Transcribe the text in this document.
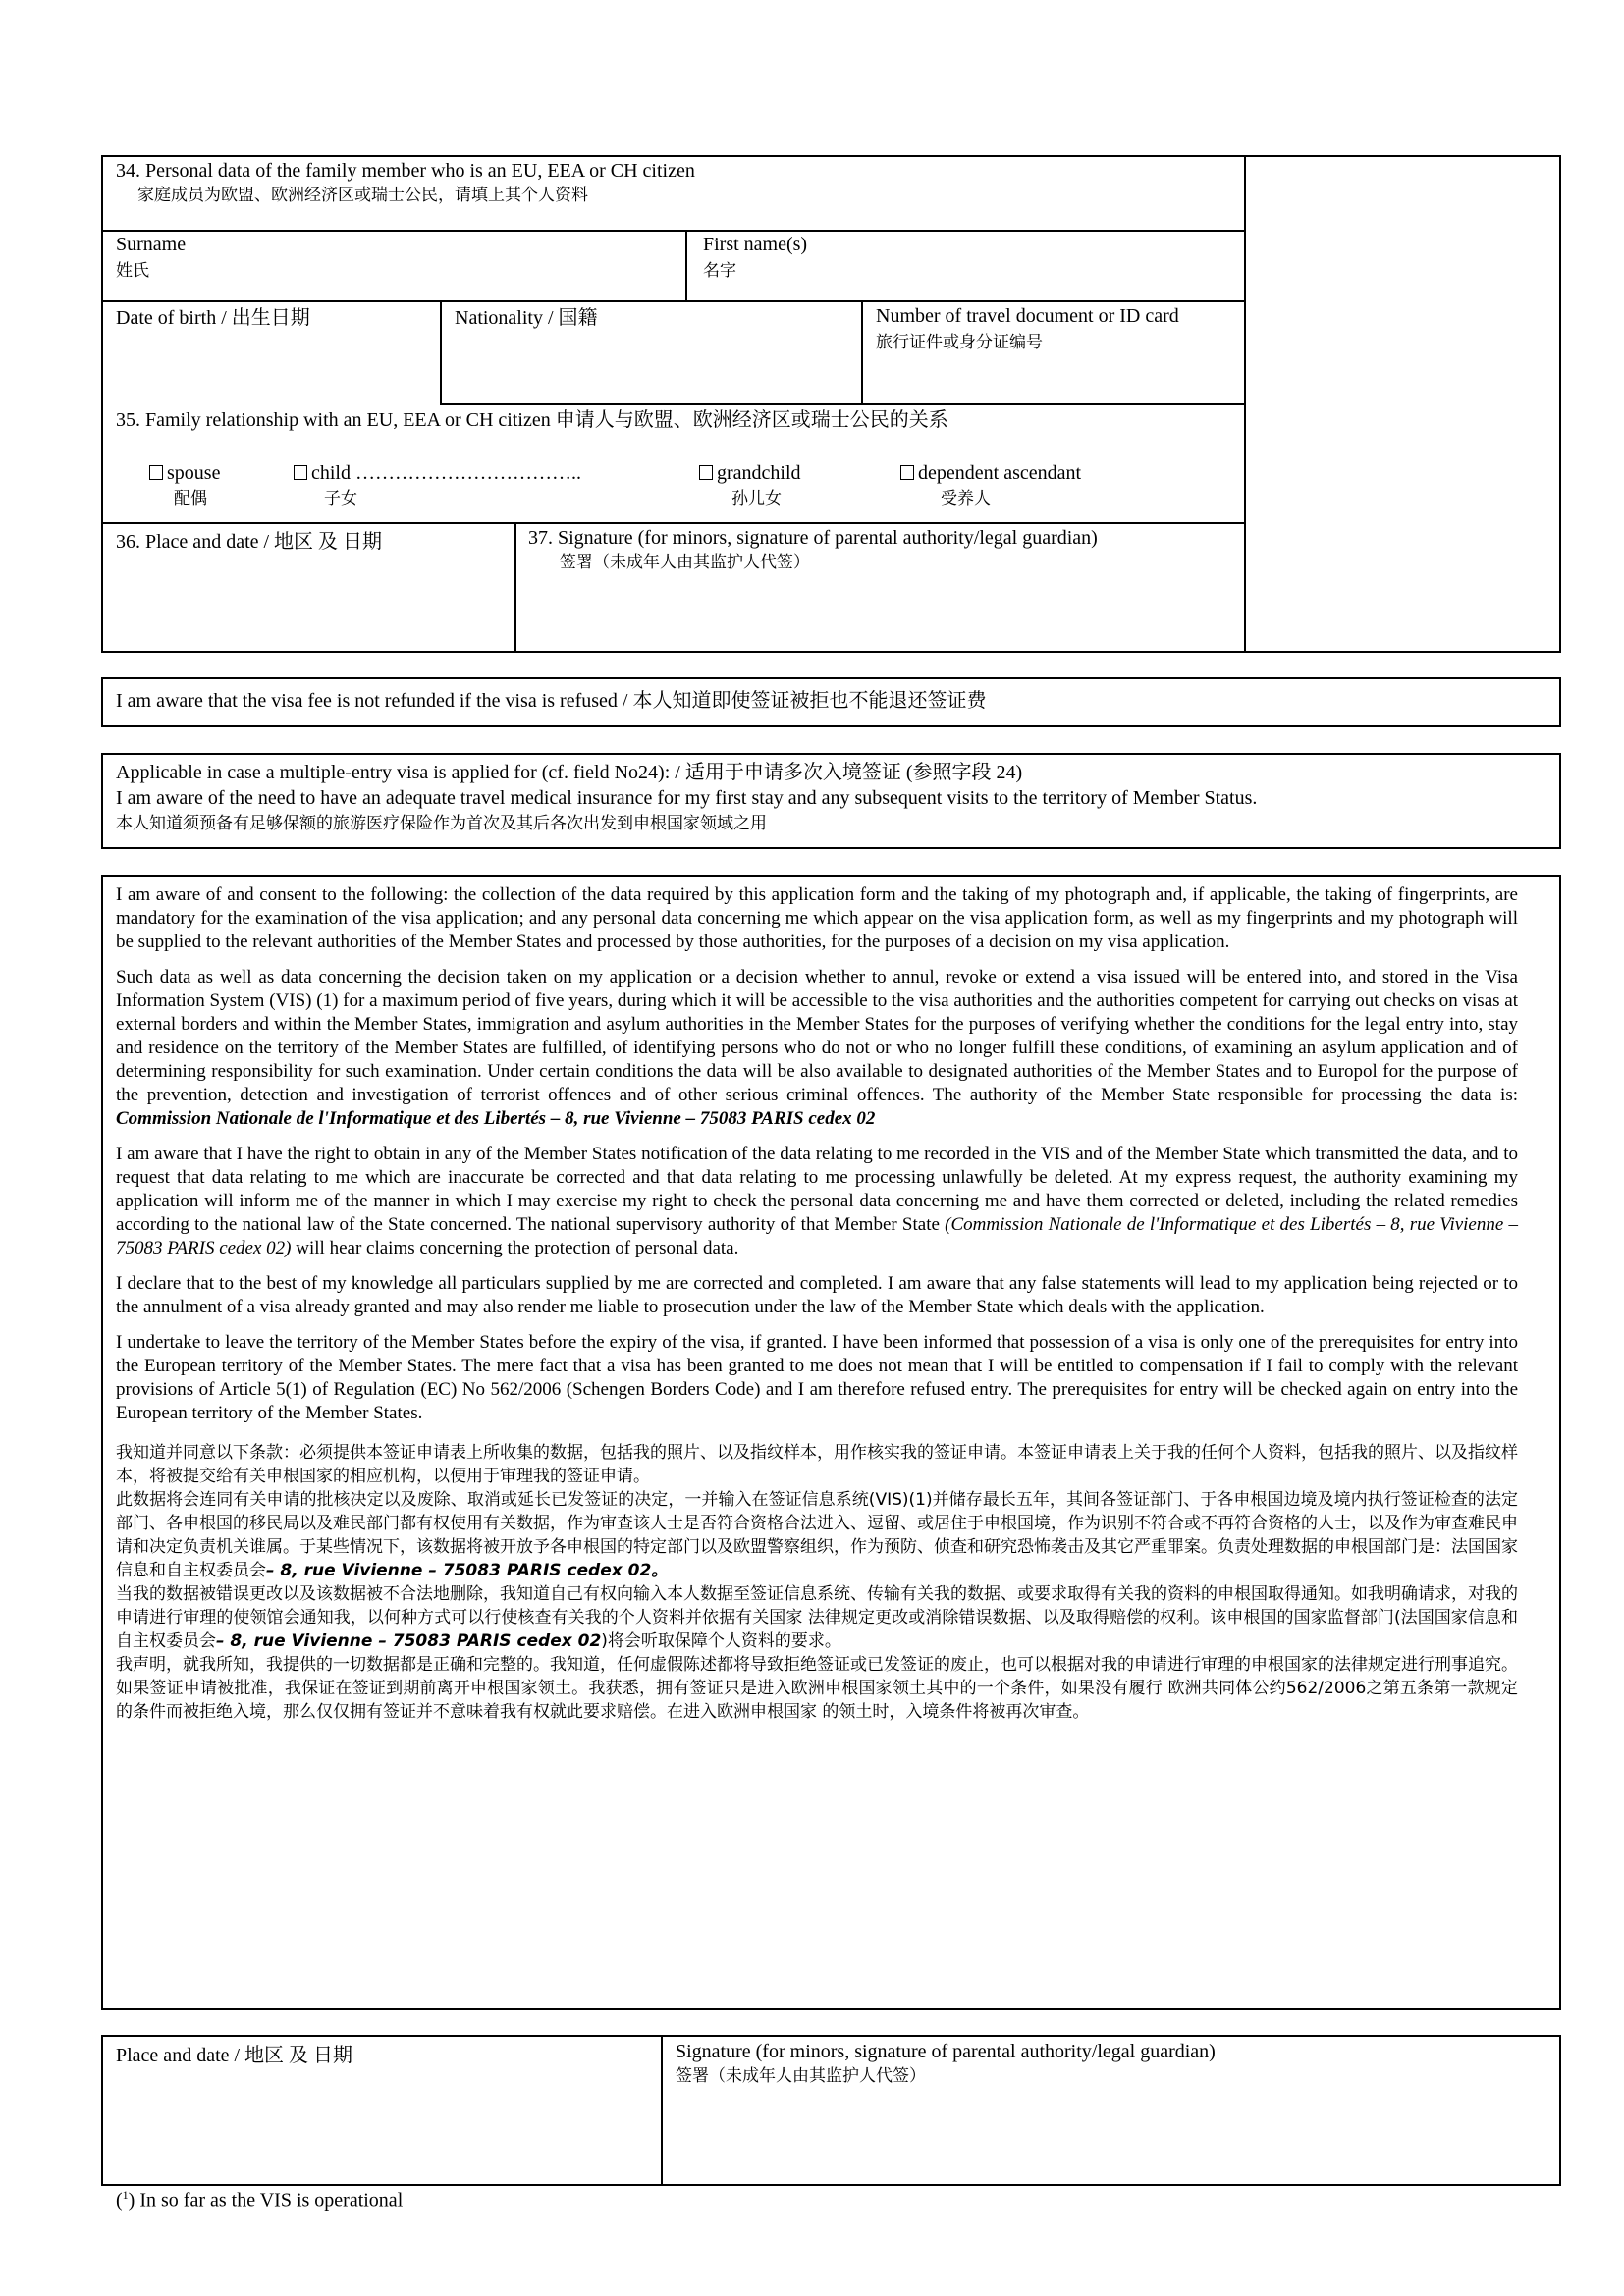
34. Personal data of the family member who is an EU, EEA or CH citizen
家庭成员为欧盟、欧洲经济区或瑞士公民，请填上其个人资料
Surname
姓氏
First name(s)
名字
Date of birth / 出生日期	Nationality / 国籍	Number of travel document or ID card
旅行证件或身分证编号
35. Family relationship with an EU, EEA or CH citizen 申请人与欧盟、欧洲经济区或瑞士公民的关系
spouse
配偶
child ……………………………..
子女
grandchild
孙儿女
dependent ascendant
受养人
36. Place and date / 地区 及 日期	37. Signature (for minors, signature of parental authority/legal guardian)
签署（未成年人由其监护人代签）
I am aware that the visa fee is not refunded if the visa is refused / 本人知道即使签证被拒也不能退还签证费
Applicable in case a multiple-entry visa is applied for (cf. field No24): / 适用于申请多次入境签证 (参照字段 24)
I am aware of the need to have an adequate travel medical insurance for my first stay and any subsequent visits to the territory of Member Status.
本人知道须预备有足够保额的旅游医疗保险作为首次及其后各次出发到申根国家领域之用

I am aware of and consent to the following: the collection of the data required by this application form and the taking of my photograph and, if applicable, the taking of fingerprints, are mandatory for the examination of the visa application; and any personal data concerning me which appear on the visa application form, as well as my fingerprints and my photograph will be supplied to the relevant authorities of the Member States and processed by those authorities, for the purposes of a decision on my visa application.

Such data as well as data concerning the decision taken on my application or a decision whether to annul, revoke or extend a visa issued will be entered into, and stored in the Visa Information System (VIS) (1) for a maximum period of five years, during which it will be accessible to the visa authorities and the authorities competent for carrying out checks on visas at external borders and within the Member States, immigration and asylum authorities in the Member States for the purposes of verifying whether the conditions for the legal entry into, stay and residence on the territory of the Member States are fulfilled, of identifying persons who do not or who no longer fulfill these conditions, of examining an asylum application and of determining responsibility for such examination. Under certain conditions the data will be also available to designated authorities of the Member States and to Europol for the purpose of the prevention, detection and investigation of terrorist offences and of other serious criminal offences. The authority of the Member State responsible for processing the data is: Commission Nationale de l'Informatique et des Libertés – 8, rue Vivienne – 75083 PARIS cedex 02

I am aware that I have the right to obtain in any of the Member States notification of the data relating to me recorded in the VIS and of the Member State which transmitted the data, and to request that data relating to me which are inaccurate be corrected and that data relating to me processing unlawfully be deleted. At my express request, the authority examining my application will inform me of the manner in which I may exercise my right to check the personal data concerning me and have them corrected or deleted, including the related remedies according to the national law of the State concerned. The national supervisory authority of that Member State (Commission Nationale de l'Informatique et des Libertés – 8, rue Vivienne – 75083 PARIS cedex 02) will hear claims concerning the protection of personal data.

I declare that to the best of my knowledge all particulars supplied by me are corrected and completed. I am aware that any false statements will lead to my application being rejected or to the annulment of a visa already granted and may also render me liable to prosecution under the law of the Member State which deals with the application.

I undertake to leave the territory of the Member States before the expiry of the visa, if granted. I have been informed that possession of a visa is only one of the prerequisites for entry into the European territory of the Member States. The mere fact that a visa has been granted to me does not mean that I will be entitled to compensation if I fail to comply with the relevant provisions of Article 5(1) of Regulation (EC) No 562/2006 (Schengen Borders Code) and I am therefore refused entry. The prerequisites for entry will be checked again on entry into the European territory of the Member States.

我知道并同意以下条款：必须提供本签证申请表上所收集的数据，包括我的照片、以及指纹样本，用作核实我的签证申请。本签证申请表上关于我的任何个人资料，包括我的照片、以及指纹样本，将被提交给有关申根国家的相应机构，以便用于审理我的签证申请。
此数据将会连同有关申请的批核决定以及废除、取消或延长已发签证的决定，一并输入在签证信息系统(VIS)(1)并储存最长五年，其间各签证部门、于各申根国边境及境内执行签证检查的法定部门、各申根国的移民局以及难民部门都有权使用有关数据，作为审查该人士是否符合资格合法进入、逗留、或居住于申根国境，作为识别不符合或不再符合资格的人士，以及作为审查难民申请和决定负责机关谁属。于某些情况下，该数据将被开放予各申根国的特定部门以及欧盟警察组织，作为预防、侦查和研究恐怖袭击及其它严重罪案。负责处理数据的申根国部门是：法国国家信息和自主权委员会– 8, rue Vivienne – 75083 PARIS cedex 02。
当我的数据被错误更改以及该数据被不合法地删除，我知道自己有权向输入本人数据至签证信息系统、传输有关我的数据、或要求取得有关我的资料的申根国取得通知。如我明确请求，对我的申请进行审理的使领馆会通知我，以何种方式可以行使核查有关我的个人资料并依据有关国家 法律规定更改或消除错误数据、以及取得赔偿的权利。该申根国的国家监督部门(法国国家信息和自主权委员会– 8, rue Vivienne – 75083 PARIS cedex 02)将会听取保障个人资料的要求。
我声明，就我所知，我提供的一切数据都是正确和完整的。我知道，任何虚假陈述都将导致拒绝签证或已发签证的废止，也可以根据对我的申请进行审理的申根国家的法律规定进行刑事追究。
如果签证申请被批准，我保证在签证到期前离开申根国家领土。我获悉，拥有签证只是进入欧洲申根国家领土其中的一个条件，如果没有履行 欧洲共同体公约562/2006之第五条第一款规定的条件而被拒绝入境，那么仅仅拥有签证并不意味着我有权就此要求赔偿。在进入欧洲申根国家 的领土时，入境条件将被再次审查。
Place and date / 地区 及 日期	Signature (for minors, signature of parental authority/legal guardian)
签署（未成年人由其监护人代签）
($^1$) In so far as the VIS is operational
